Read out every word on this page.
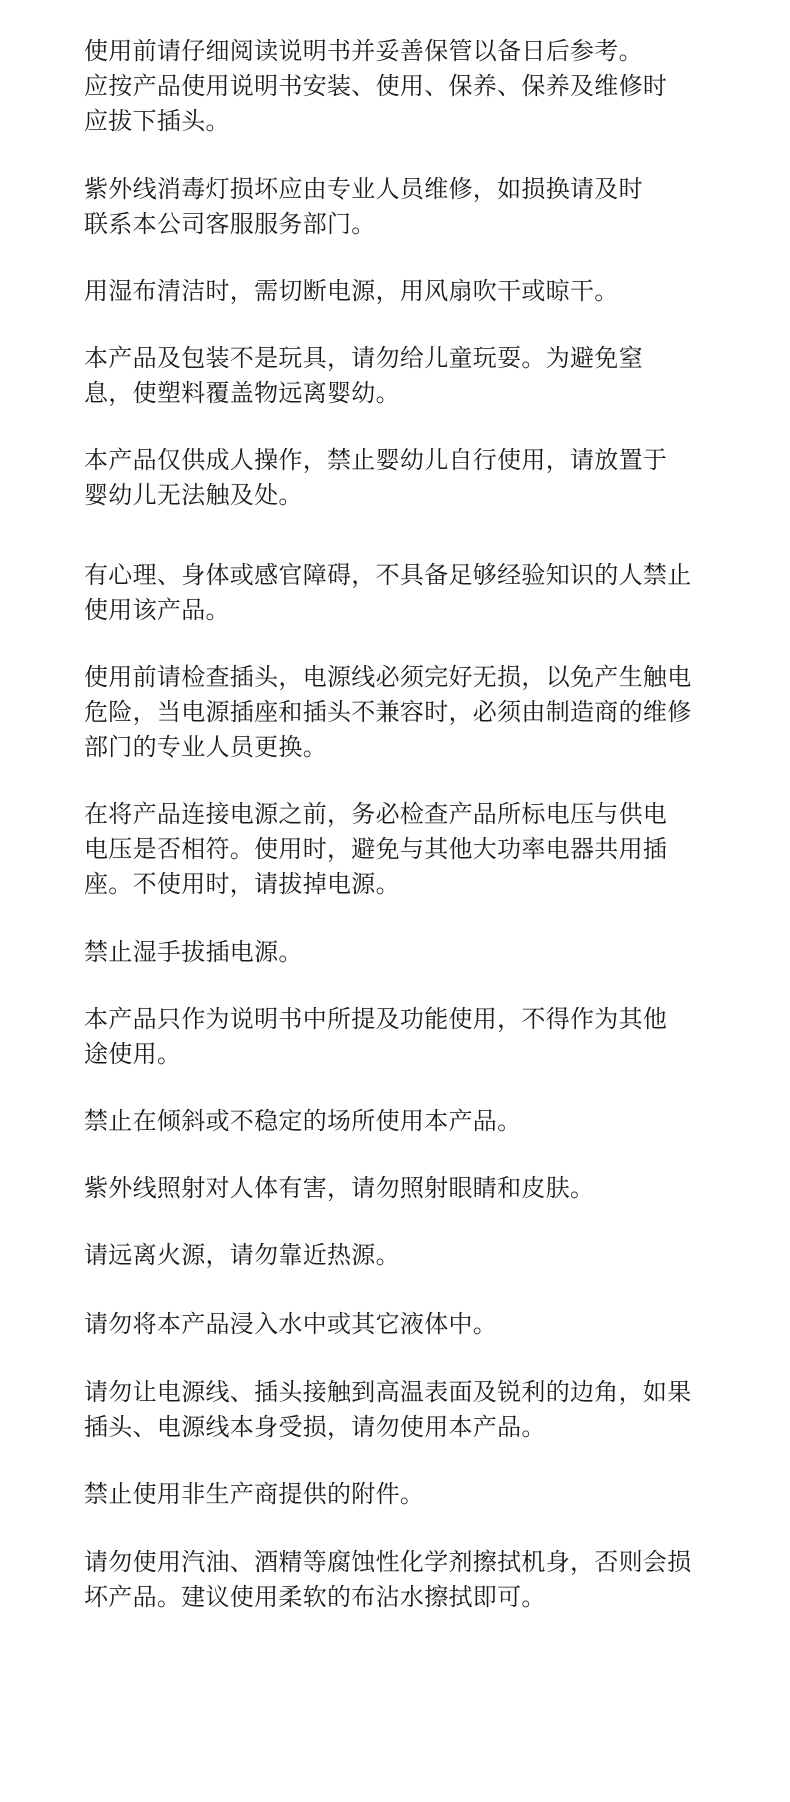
使用前请仔细阅读说明书并妥善保管以备日后参考。
应按产品使用说明书安装、使用、保养、保养及维修时
应拔下插头。

紫外线消毒灯损坏应由专业人员维修，如损换请及时
联系本公司客服服务部门。

用湿布清洁时，需切断电源，用风扇吹干或晾干。

本产品及包装不是玩具，请勿给儿童玩耍。为避免窒
息，使塑料覆盖物远离婴幼。

本产品仅供成人操作，禁止婴幼儿自行使用，请放置于
婴幼儿无法触及处。

有心理、身体或感官障碍，不具备足够经验知识的人禁止
使用该产品。

使用前请检查插头，电源线必须完好无损，以免产生触电
危险，当电源插座和插头不兼容时，必须由制造商的维修
部门的专业人员更换。

在将产品连接电源之前，务必检查产品所标电压与供电
电压是否相符。使用时，避免与其他大功率电器共用插
座。不使用时，请拔掉电源。

禁止湿手拔插电源。

本产品只作为说明书中所提及功能使用，不得作为其他
途使用。

禁止在倾斜或不稳定的场所使用本产品。

紫外线照射对人体有害，请勿照射眼睛和皮肤。

请远离火源，请勿靠近热源。

请勿将本产品浸入水中或其它液体中。

请勿让电源线、插头接触到高温表面及锐利的边角，如果
插头、电源线本身受损，请勿使用本产品。

禁止使用非生产商提供的附件。

请勿使用汽油、酒精等腐蚀性化学剂擦拭机身，否则会损
坏产品。建议使用柔软的布沾水擦拭即可。
